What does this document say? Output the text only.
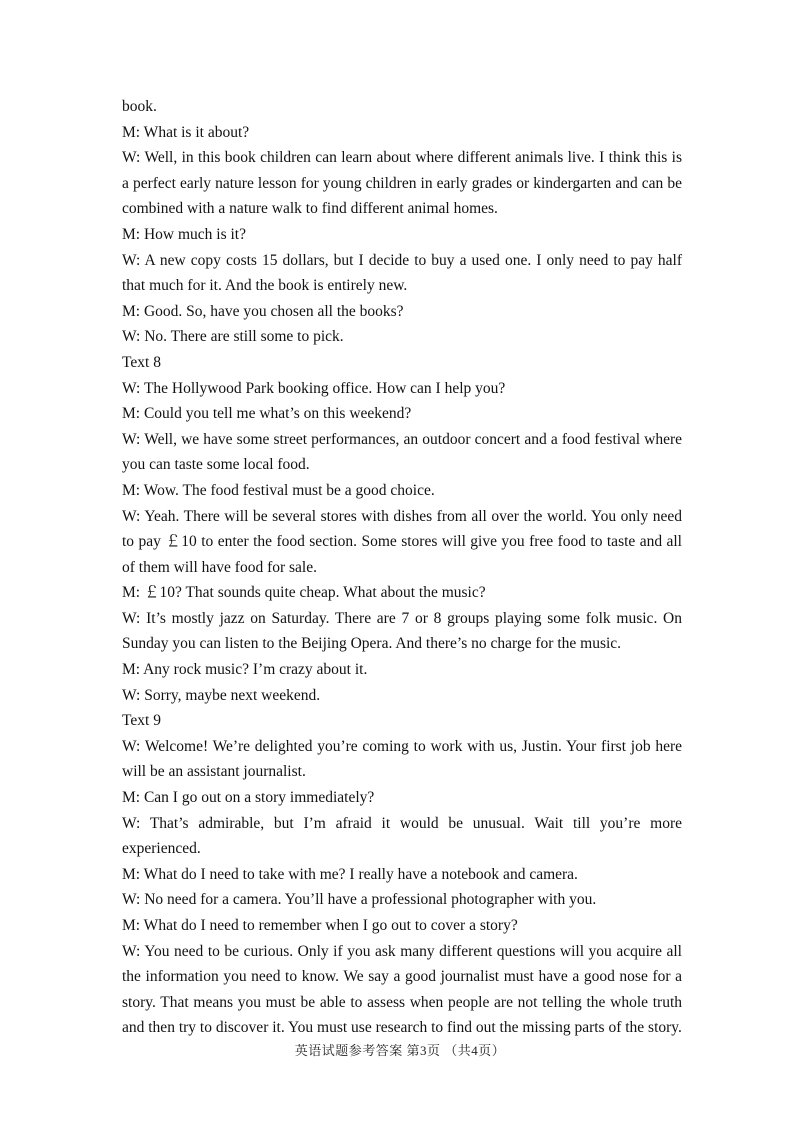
book.

M: What is it about?

W: Well, in this book children can learn about where different animals live. I think this is a perfect early nature lesson for young children in early grades or kindergarten and can be combined with a nature walk to find different animal homes.

M: How much is it?

W: A new copy costs 15 dollars, but I decide to buy a used one. I only need to pay half that much for it. And the book is entirely new.

M: Good. So, have you chosen all the books?

W: No. There are still some to pick.

Text 8

W: The Hollywood Park booking office. How can I help you?

M: Could you tell me what’s on this weekend?

W: Well, we have some street performances, an outdoor concert and a food festival where you can taste some local food.

M: Wow. The food festival must be a good choice.

W: Yeah. There will be several stores with dishes from all over the world. You only need to pay ￡10 to enter the food section. Some stores will give you free food to taste and all of them will have food for sale.

M: ￡10? That sounds quite cheap. What about the music?

W: It’s mostly jazz on Saturday. There are 7 or 8 groups playing some folk music. On Sunday you can listen to the Beijing Opera. And there’s no charge for the music.

M: Any rock music? I’m crazy about it.

W: Sorry, maybe next weekend.

Text 9

W: Welcome! We’re delighted you’re coming to work with us, Justin. Your first job here will be an assistant journalist.

M: Can I go out on a story immediately?

W: That’s admirable, but I’m afraid it would be unusual. Wait till you’re more experienced.

M: What do I need to take with me? I really have a notebook and camera.

W: No need for a camera. You’ll have a professional photographer with you.

M: What do I need to remember when I go out to cover a story?

W: You need to be curious. Only if you ask many different questions will you acquire all the information you need to know. We say a good journalist must have a good nose for a story. That means you must be able to assess when people are not telling the whole truth and then try to discover it. You must use research to find out the missing parts of the story.

英语试题参考答案 第3页 （共4页）
